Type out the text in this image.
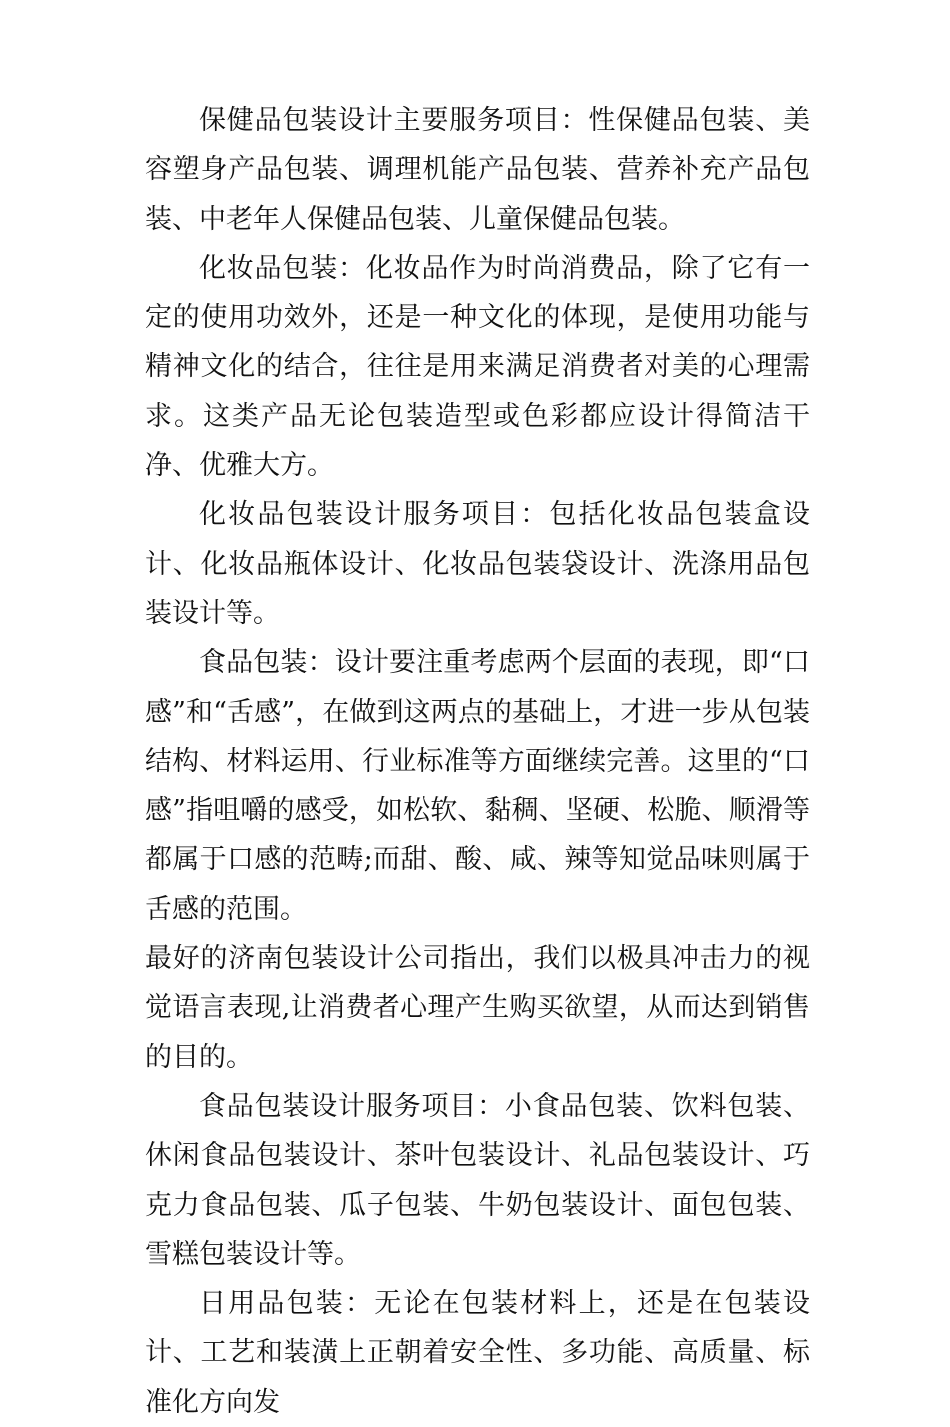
保健品包装设计主要服务项目：性保健品包装、美容塑身产品包装、调理机能产品包装、营养补充产品包装、中老年人保健品包装、儿童保健品包装。

化妆品包装：化妆品作为时尚消费品，除了它有一定的使用功效外，还是一种文化的体现，是使用功能与精神文化的结合，往往是用来满足消费者对美的心理需求。这类产品无论包装造型或色彩都应设计得简洁干净、优雅大方。

化妆品包装设计服务项目：包括化妆品包装盒设计、化妆品瓶体设计、化妆品包装袋设计、洗涤用品包装设计等。

食品包装：设计要注重考虑两个层面的表现，即“口感”和“舌感”，在做到这两点的基础上，才进一步从包装结构、材料运用、行业标准等方面继续完善。这里的“口感”指咀嚼的感受，如松软、黏稠、坚硬、松脆、顺滑等都属于口感的范畴;而甜、酸、咸、辣等知觉品味则属于舌感的范围。

最好的济南包装设计公司指出，我们以极具冲击力的视觉语言表现,让消费者心理产生购买欲望，从而达到销售的目的。

食品包装设计服务项目：小食品包装、饮料包装、休闲食品包装设计、茶叶包装设计、礼品包装设计、巧克力食品包装、瓜子包装、牛奶包装设计、面包包装、雪糕包装设计等。

日用品包装：无论在包装材料上，还是在包装设计、工艺和装潢上正朝着安全性、多功能、高质量、标准化方向发
